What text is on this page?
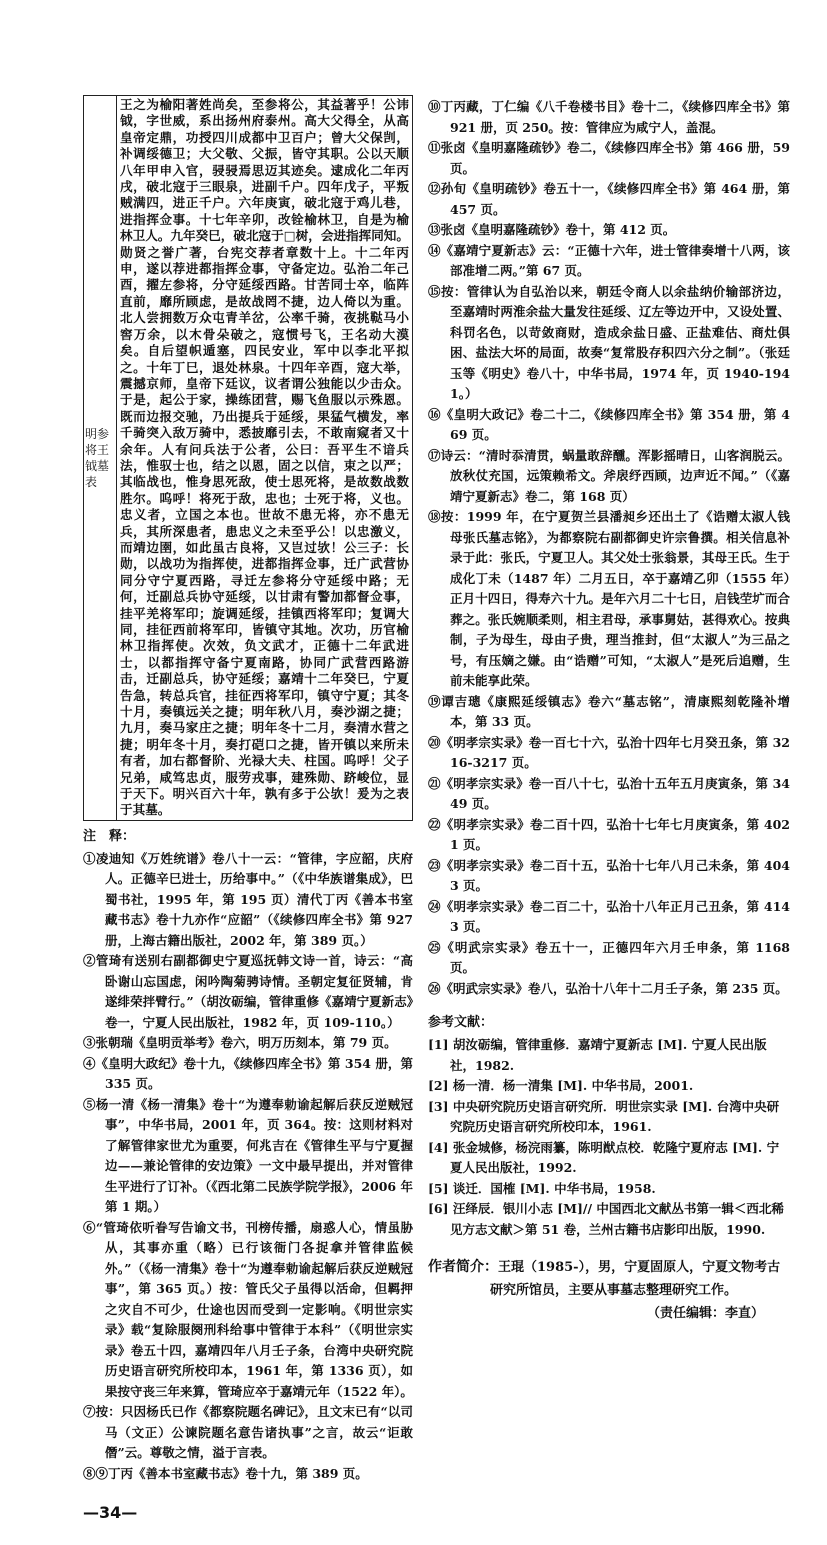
明参将王钺墓表
王之为榆阳著姓尚矣，至参将公，其益著乎！公讳钺，字世威，系出扬州府泰州。高大父得全，从高皇帝定鼎，功授四川成都中卫百户；曾大父保剀，补调绥德卫；大父敬、父振，皆守其职。公以天顺八年甲申入官，骎骎焉思迈其迹矣。逮成化二年丙戌，破北寇于三眼泉，进副千户。四年戊子，平叛贼满四，进正千户。六年庚寅，破北寇于鸡儿巷，进指挥佥事。十七年辛卯，改铨榆林卫，自是为榆林卫人。九年癸巳，破北寇于□树，会进指挥同知。勋贤之誉广著，台宪交荐者章数十上。十二年丙申，遂以荐进都指挥佥事，守备定边。弘治二年己酉，擢左参将，分守延绥西路。甘苦同士卒，临阵直前，靡所顾虑，是故战罔不捷，边人倚以为重。北人尝拥数万众屯青羊岔，公率千骑，夜挑鞑马小窖万余，以木骨朵破之，寇惯号飞，王名动大漠矣。自后望帜遁塞，四民安业，军中以李北平拟之。十年丁巳，退处林泉。十四年辛酉，寇大举，震撼京师，皇帝下廷议，议者谓公独能以少击众。于是，起公于家，操练团营，赐飞鱼服以示殊恩。既而边报交驰，乃出提兵于延绥，果猛气横发，率千骑突入敌万骑中，悉披靡引去，不敢南窥者又十余年。人有问兵法于公者，公曰：吾平生不谙兵法，惟驭士也，结之以恩，固之以信，束之以严；其临战也，惟身思死敌，使士思死将，是故数战数胜尔。呜呼！将死于敌，忠也；士死于将，义也。忠义者，立国之本也。世故不患无将，亦不患无兵，其所深患者，患忠义之未至乎公！以忠激义，而靖边圉，如此虽古良将，又岂过欤！公三子：长勋，以战功为指挥使，进都指挥佥事，迁广武营协同分守宁夏西路，寻迁左参将分守延绥中路；无何，迁副总兵协守延绥，以甘肃有警加都督佥事，挂平羌将军印；旋调延绥，挂镇西将军印；复调大同，挂征西前将军印，皆镇守其地。次功，历官榆林卫指挥使。次效，负文武才，正德十二年武进士，以都指挥守备宁夏南路，协同广武营西路游击，迁副总兵，协守延绥；嘉靖十二年癸巳，宁夏告急，转总兵官，挂征西将军印，镇守宁夏；其冬十月，奏镇远关之捷；明年秋八月，奏沙湖之捷；九月，奏马家庄之捷；明年冬十二月，奏清水营之捷；明年冬十月，奏打硙口之捷，皆开镇以来所未有者，加右都督阶、光禄大夫、柱国。呜呼！父子兄弟，咸笃忠贞，服劳戎事，建殊勋、跻峻位，显于天下。明兴百六十年，孰有多于公欤！爰为之表于其墓。
注　释：
①凌迪知《万姓统谱》卷八十一云：“管律，字应韶，庆府人。正德辛巳进士，历给事中。”（《中华族谱集成》，巴蜀书社，1995 年，第 195 页）清代丁丙《善本书室藏书志》卷十九亦作“应韶”（《续修四库全书》第 927 册，上海古籍出版社，2002 年，第 389 页。）
②管琦有送别右副都御史宁夏巡抚韩文诗一首，诗云：“高卧谢山忘国虑，闲吟陶菊骋诗情。圣朝定复征贤辅，肯遂绯荣拌臂行。”（胡汝砺编，管律重修《嘉靖宁夏新志》卷一，宁夏人民出版社，1982 年，页 109-110。）
③张朝瑞《皇明贡举考》卷六，明万历刻本，第 79 页。
④《皇明大政纪》卷十九，《续修四库全书》第 354 册，第 335 页。
⑤杨一清《杨一清集》卷十“为遵奉勅谕起解后获反逆贼冠事”，中华书局，2001 年，页 364。按：这则材料对了解管律家世尤为重要，何兆吉在《管律生平与宁夏握边——兼论管律的安边策》一文中最早提出，并对管律生平进行了订补。（《西北第二民族学院学报》，2006 年第 1 期。）
⑥“管琦依听眷写告谕文书，刊榜传播，扇惑人心，情虽胁从，其事亦重（略）已行该衙门各捉拿并管律监候外。”（《杨一清集》卷十“为遵奉勅谕起解后获反逆贼冠事”，第 365 页。）按：管氏父子虽得以活命，但羁押之灾自不可少，仕途也因而受到一定影响。《明世宗实录》载“复除服阕刑科给事中管律于本科”（《明世宗实录》卷五十四，嘉靖四年八月壬子条，台湾中央研究院历史语言研究所校印本，1961 年，第 1336 页），如果按守丧三年来算，管琦应卒于嘉靖元年（1522 年）。
⑦按：只因杨氏已作《都察院题名碑记》，且文末已有“以司马（文正）公谏院题名意告诸执事”之言，故云“讵敢僭”云。尊敬之情，溢于言表。
⑧⑨丁丙《善本书室藏书志》卷十九，第 389 页。
—34—
⑩丁丙藏，丁仁编《八千卷楼书目》卷十二，《续修四库全书》第 921 册，页 250。按：管律应为咸宁人，盖混。
⑪张卤《皇明嘉隆疏钞》卷二，《续修四库全书》第 466 册，59 页。
⑫孙旬《皇明疏钞》卷五十一，《续修四库全书》第 464 册，第 457 页。
⑬张卤《皇明嘉隆疏钞》卷十，第 412 页。
⑭《嘉靖宁夏新志》云：“正德十六年，进士管律奏增十八两，该部准增二两。”第 67 页。
⑮按：管律认为自弘治以来，朝廷令商人以余盐纳价输部济边，至嘉靖时两淮余盐大量发往延绥、辽左等边开中，又设处置、科罚名色，以苛敛商财，造成余盐日盛、正盐难估、商灶俱困、盐法大坏的局面，故奏“复常股存积四六分之制”。（张廷玉等《明史》卷八十，中华书局，1974 年，页 1940-1941。）
⑯《皇明大政记》卷二十二，《续修四库全书》第 354 册，第 469 页。
⑰诗云：“清时忝清贯，蜗量敢辞醺。浑影摇晴日，山客润脱云。放秋仗充国，远策赖希文。斧扆纾西顾，边声近不闻。”（《嘉靖宁夏新志》卷二，第 168 页）
⑱按：1999 年，在宁夏贺兰县潘昶乡还出土了《诰赠太淑人钱母张氏墓志铭》，为都察院右副都御史许宗鲁撰。相关信息补录于此：张氏，宁夏卫人。其父处士张翁景，其母王氏。生于成化丁未（1487 年）二月五日，卒于嘉靖乙卯（1555 年）正月十四日，得寿六十九。是年六月二十七日，启钱茔圹而合葬之。张氏婉顺柔则，相主君母，承事舅姑，甚得欢心。按典制，子为母生，母由子贵，理当推封，但“太淑人”为三品之号，有压嫡之嫌。由“诰赠”可知，“太淑人”是死后追赠，生前未能享此荣。
⑲谭吉璁《康熙延绥镇志》卷六“墓志铭”，清康熙刻乾隆补增本，第 33 页。
⑳《明孝宗实录》卷一百七十六，弘治十四年七月癸丑条，第 3216-3217 页。
㉑《明孝宗实录》卷一百八十七，弘治十五年五月庚寅条，第 3449 页。
㉒《明孝宗实录》卷二百十四，弘治十七年七月庚寅条，第 4021 页。
㉓《明孝宗实录》卷二百十五，弘治十七年八月己未条，第 4043 页。
㉔《明孝宗实录》卷二百二十，弘治十八年正月己丑条，第 4143 页。
㉕《明武宗实录》卷五十一，正德四年六月壬申条，第 1168 页。
㉖《明武宗实录》卷八，弘治十八年十二月壬子条，第 235 页。
参考文献：
[1] 胡汝砺编，管律重修．嘉靖宁夏新志 [M]. 宁夏人民出版社，1982.
[2] 杨一清．杨一清集 [M]. 中华书局，2001.
[3] 中央研究院历史语言研究所．明世宗实录 [M]. 台湾中央研究院历史语言研究所校印本，1961.
[4] 张金城修，杨浣雨纂，陈明猷点校．乾隆宁夏府志 [M]. 宁夏人民出版社，1992.
[5] 谈迁．国榷 [M]. 中华书局，1958.
[6] 汪绎辰．银川小志 [M]// 中国西北文献丛书第一辑＜西北稀见方志文献＞第 51 卷，兰州古籍书店影印出版，1990.
作者简介：王琨（1985-），男，宁夏固原人，宁夏文物考古
研究所馆员，主要从事墓志整理研究工作。
（责任编辑：李直）
